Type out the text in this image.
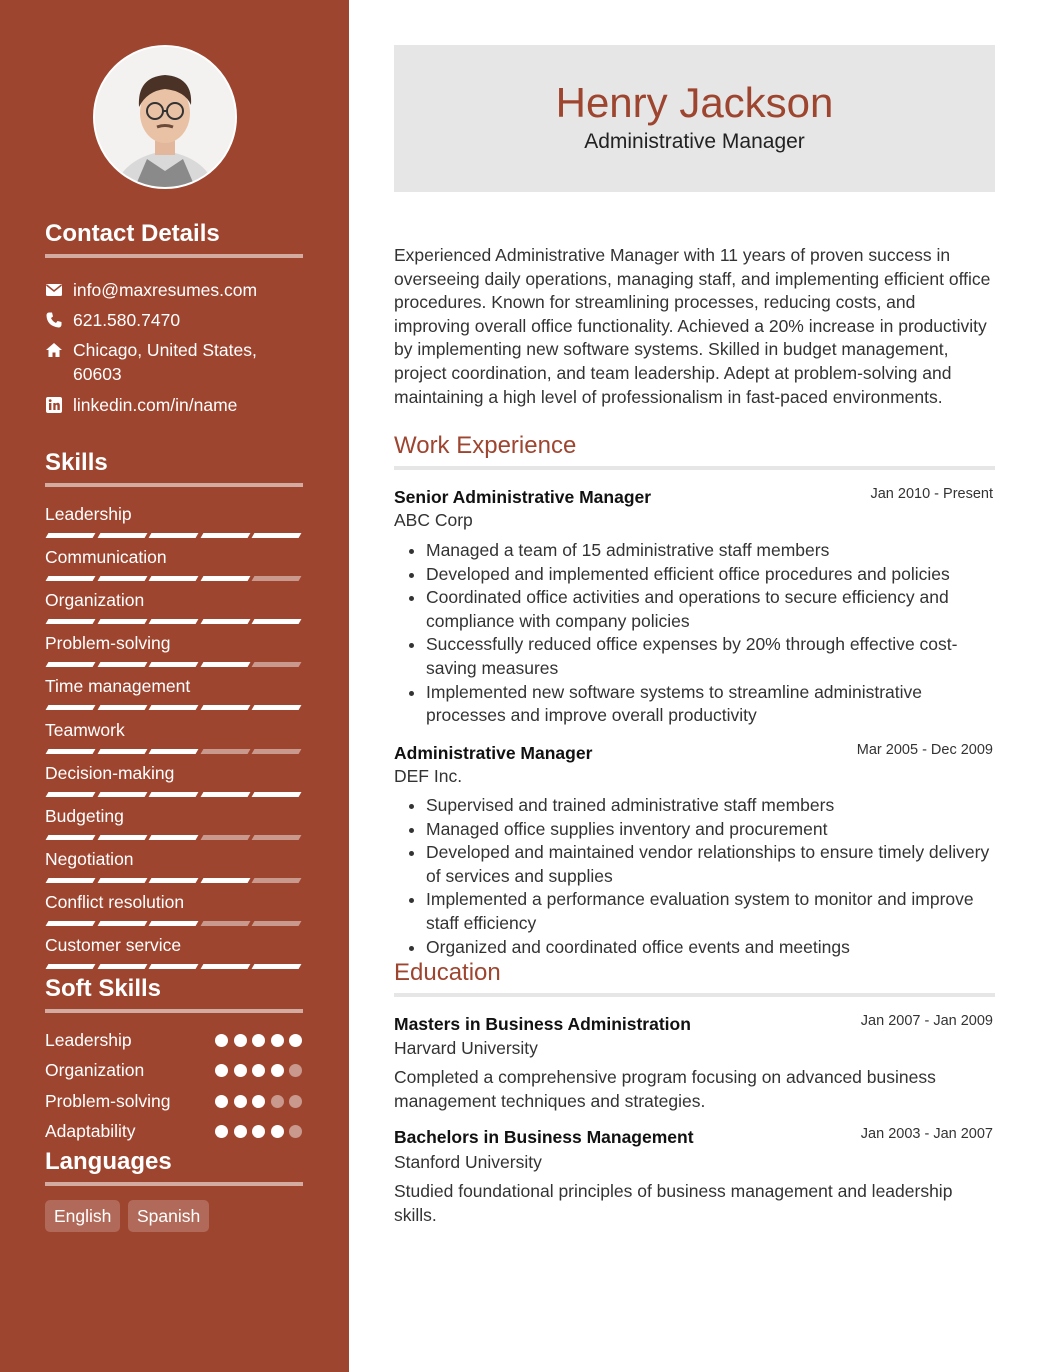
Contact Details
info@maxresumes.com
621.580.7470
Chicago, United States, 60603
linkedin.com/in/name
Skills
Leadership
Communication
Organization
Problem-solving
Time management
Teamwork
Decision-making
Budgeting
Negotiation
Conflict resolution
Customer service
Soft Skills
Leadership
Organization
Problem-solving
Adaptability
Languages
English	Spanish
Henry Jackson
Administrative Manager
Experienced Administrative Manager with 11 years of proven success in overseeing daily operations, managing staff, and implementing efficient office procedures. Known for streamlining processes, reducing costs, and improving overall office functionality. Achieved a 20% increase in productivity by implementing new software systems. Skilled in budget management, project coordination, and team leadership. Adept at problem-solving and maintaining a high level of professionalism in fast-paced environments.
Work Experience
Senior Administrative Manager	Jan 2010 - Present
ABC Corp
• Managed a team of 15 administrative staff members
• Developed and implemented efficient office procedures and policies
• Coordinated office activities and operations to secure efficiency and compliance with company policies
• Successfully reduced office expenses by 20% through effective cost-saving measures
• Implemented new software systems to streamline administrative processes and improve overall productivity
Administrative Manager	Mar 2005 - Dec 2009
DEF Inc.
• Supervised and trained administrative staff members
• Managed office supplies inventory and procurement
• Developed and maintained vendor relationships to ensure timely delivery of services and supplies
• Implemented a performance evaluation system to monitor and improve staff efficiency
• Organized and coordinated office events and meetings
Education
Masters in Business Administration	Jan 2007 - Jan 2009
Harvard University
Completed a comprehensive program focusing on advanced business management techniques and strategies.
Bachelors in Business Management	Jan 2003 - Jan 2007
Stanford University
Studied foundational principles of business management and leadership skills.
